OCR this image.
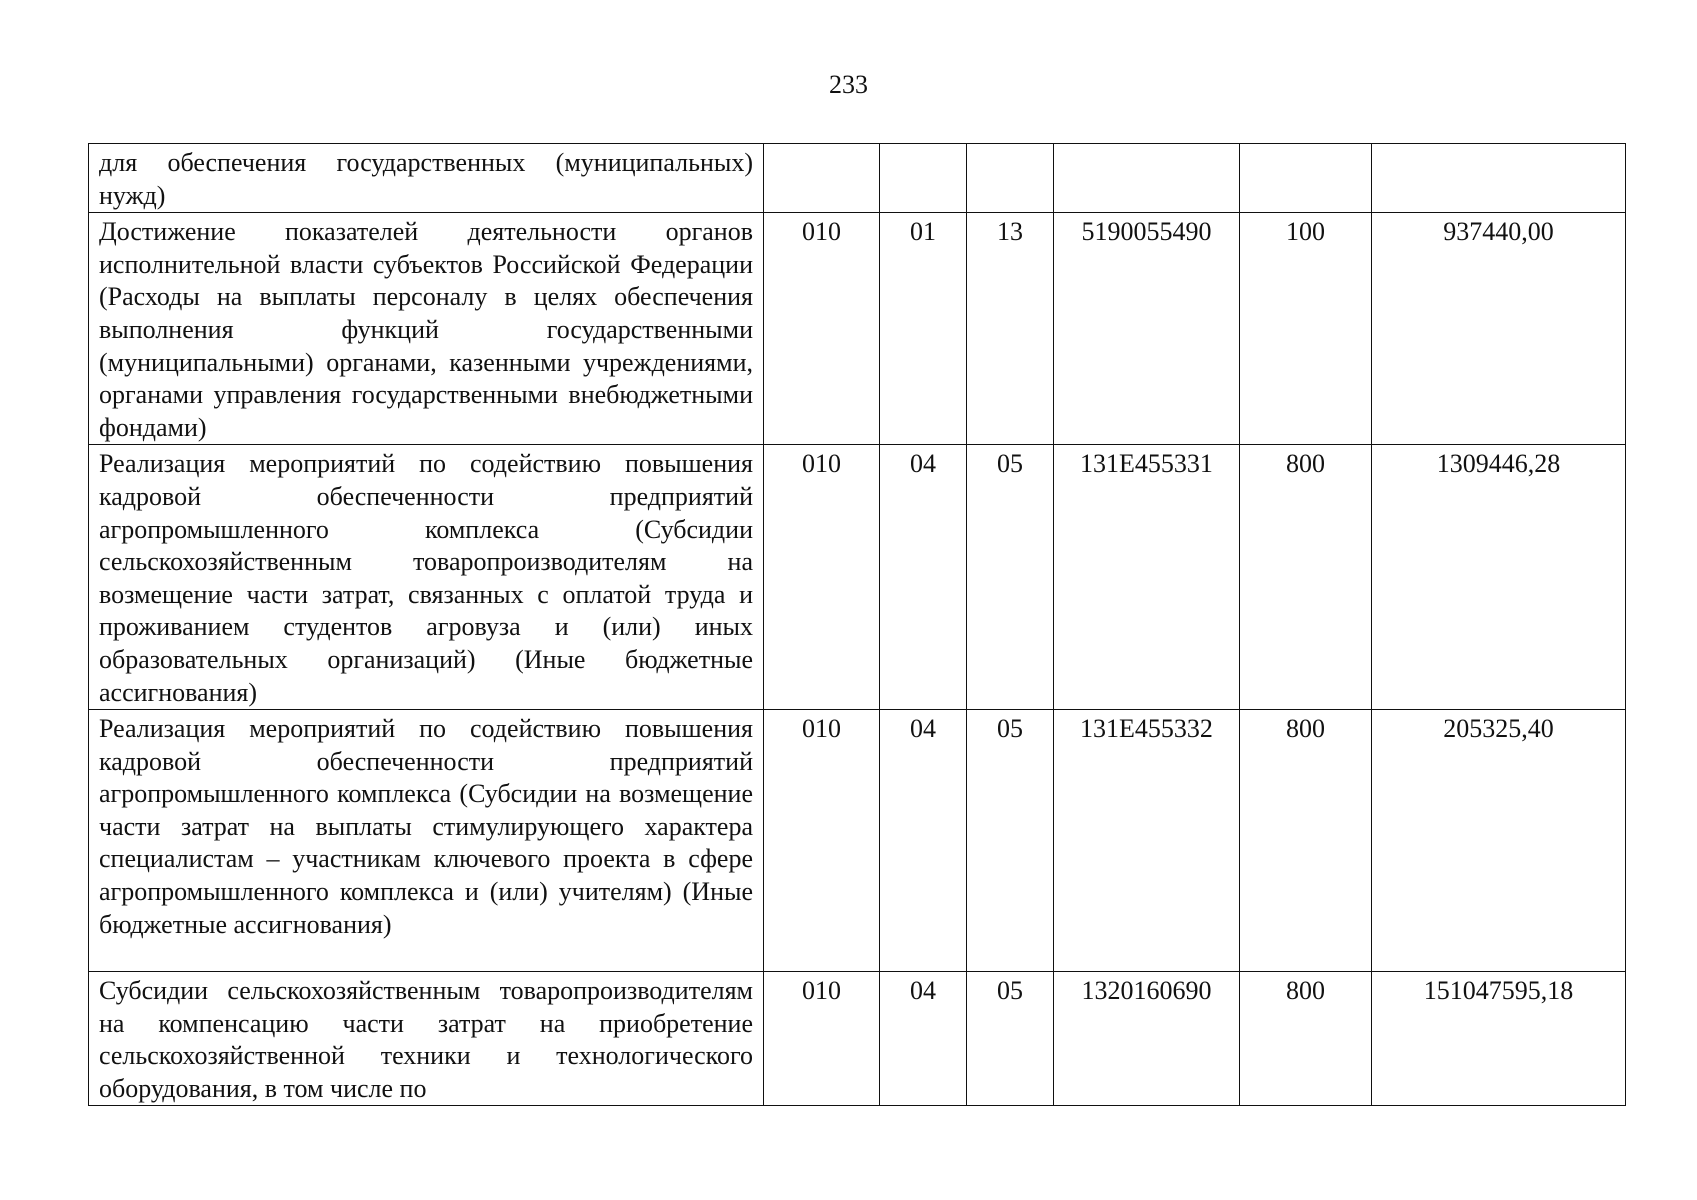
233
для обеспечения государственных (муниципальных) нужд)						

Достижение показателей деятельности органов исполнительной власти субъектов Российской Федерации (Расходы на выплаты персоналу в целях обеспечения выполнения функций государственными (муниципальными) органами, казенными учреждениями, органами управления государственными внебюджетными фондами)	010	01	13	5190055490	100	937440,00

Реализация мероприятий по содействию повышения кадровой обеспеченности предприятий агропромышленного комплекса (Субсидии сельскохозяйственным товаропроизводителям на возмещение части затрат, связанных с оплатой труда и проживанием студентов агровуза и (или) иных образовательных организаций) (Иные бюджетные ассигнования)	010	04	05	131E455331	800	1309446,28

Реализация мероприятий по содействию повышения кадровой обеспеченности предприятий агропромышленного комплекса (Субсидии на возмещение части затрат на выплаты стимулирующего характера специалистам – участникам ключевого проекта в сфере агропромышленного комплекса и (или) учителям) (Иные бюджетные ассигнования)	010	04	05	131E455332	800	205325,40

Субсидии сельскохозяйственным товаропроизводителям на компенсацию части затрат на приобретение сельскохозяйственной техники и технологического оборудования, в том числе по	010	04	05	1320160690	800	151047595,18
